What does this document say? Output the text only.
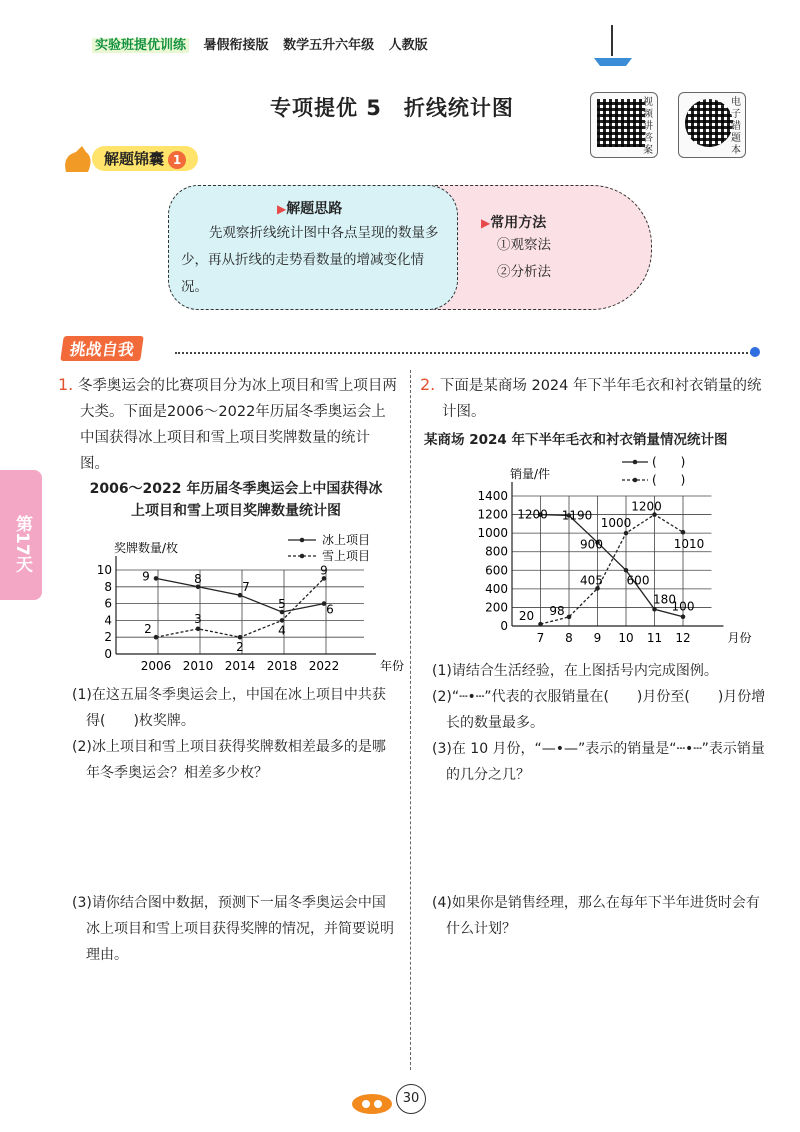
实验班提优训练 暑假衔接版 数学五升六年级 人教版
专项提优 5　折线统计图	视频讲答案
电子错题本
解题锦囊 1
▶常用方法
①观察法
②分析法
▶解题思路
先观察折线统计图中各点呈现的数量多少，再从折线的走势看数量的增减变化情况。
挑战自我
第17天
1. 冬季奥运会的比赛项目分为冰上项目和雪上项目两大类。下面是2006～2022年历届冬季奥运会上中国获得冰上项目和雪上项目奖牌数量的统计图。
2006～2022 年历届冬季奥运会上中国获得冰上项目和雪上项目奖牌数量统计图
0
2
4
6
8
10
2006 2010 2014 2018 2022
奖牌数量/枚
年份
9	8
7
5	6
2
3
2
4
9
冰上项目
雪上项目
(1)在这五届冬季奥运会上，中国在冰上项目中共获得(　　)枚奖牌。
(2)冰上项目和雪上项目获得奖牌数相差最多的是哪年冬季奥运会？相差多少枚？
(3)请你结合图中数据，预测下一届冬季奥运会中国冰上项目和雪上项目获得奖牌的情况，并简要说明理由。
2. 下面是某商场 2024 年下半年毛衣和衬衣销量的统计图。
某商场 2024 年下半年毛衣和衬衣销量情况统计图
0
200
400
600
800
1000
1200
1400
7 8 9 10 11 12
销量/件
月份
1200 1190
900
600
180
100
20 98
405
1000
1200
1010
(　　)
(　　)
(1)请结合生活经验，在上图括号内完成图例。
(2)“┄•┄”代表的衣服销量在(　　)月份至(　　)月份增长的数量最多。
(3)在 10 月份，“—•—”表示的销量是“┄•┄”表示销量的几分之几？
(4)如果你是销售经理，那么在每年下半年进货时会有什么计划？
30
